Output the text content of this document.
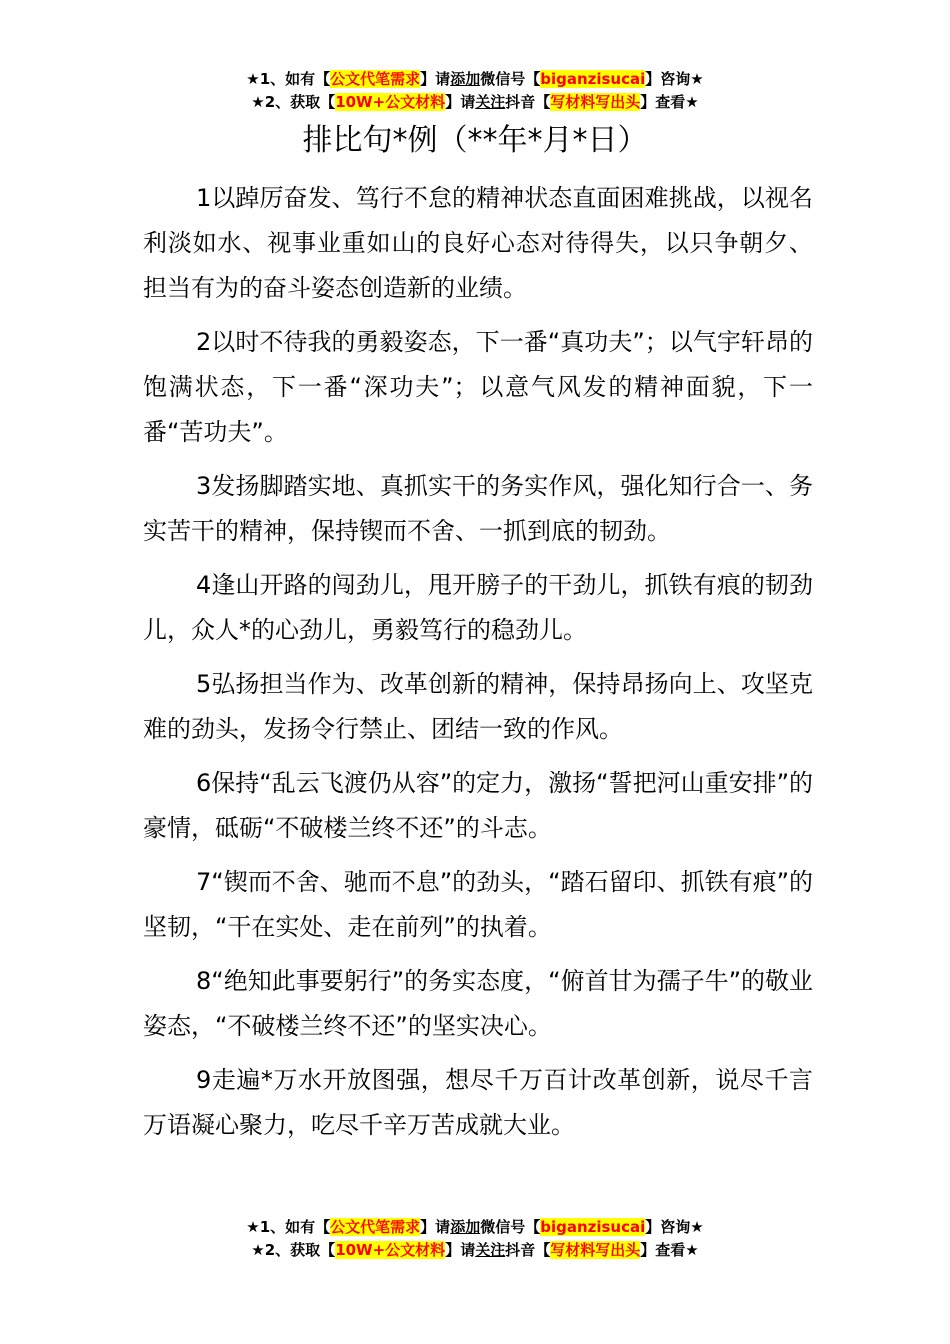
★1、如有【公文代笔需求】请添加微信号【biganzisucai】咨询★
★2、获取【10W+公文材料】请关注抖音【写材料写出头】查看★
排比句*例（**年*月*日）

1以踔厉奋发、笃行不怠的精神状态直面困难挑战，以视名利淡如水、视事业重如山的良好心态对待得失，以只争朝夕、担当有为的奋斗姿态创造新的业绩。

2以时不待我的勇毅姿态，下一番“真功夫”；以气宇轩昂的饱满状态，下一番“深功夫”；以意气风发的精神面貌，下一番“苦功夫”。

3发扬脚踏实地、真抓实干的务实作风，强化知行合一、务实苦干的精神，保持锲而不舍、一抓到底的韧劲。

4逢山开路的闯劲儿，甩开膀子的干劲儿，抓铁有痕的韧劲儿，众人*的心劲儿，勇毅笃行的稳劲儿。

5弘扬担当作为、改革创新的精神，保持昂扬向上、攻坚克难的劲头，发扬令行禁止、团结一致的作风。

6保持“乱云飞渡仍从容”的定力，激扬“誓把河山重安排”的豪情，砥砺“不破楼兰终不还”的斗志。

7“锲而不舍、驰而不息”的劲头，“踏石留印、抓铁有痕”的坚韧，“干在实处、走在前列”的执着。

8“绝知此事要躬行”的务实态度，“俯首甘为孺子牛”的敬业姿态，“不破楼兰终不还”的坚实决心。

9走遍*万水开放图强，想尽千万百计改革创新，说尽千言万语凝心聚力，吃尽千辛万苦成就大业。

★1、如有【公文代笔需求】请添加微信号【biganzisucai】咨询★
★2、获取【10W+公文材料】请关注抖音【写材料写出头】查看★
